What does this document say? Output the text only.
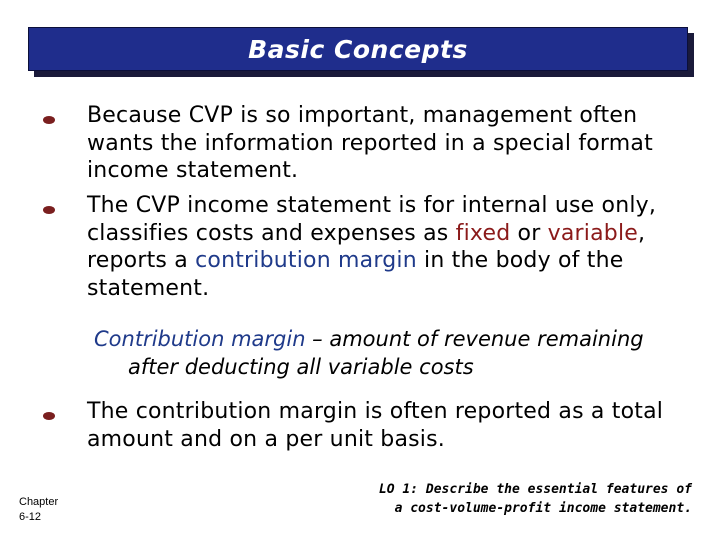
Basic Concepts

Because CVP is so important, management often wants the information reported in a special format income statement.

The CVP income statement is for internal use only, classifies costs and expenses as fixed or variable, reports a contribution margin in the body of the statement.

Contribution margin – amount of revenue remaining
after deducting all variable costs

The contribution margin is often reported as a total amount and on a per unit basis.

Chapter
6-12
LO 1: Describe the essential features of
a cost-volume-profit income statement.
